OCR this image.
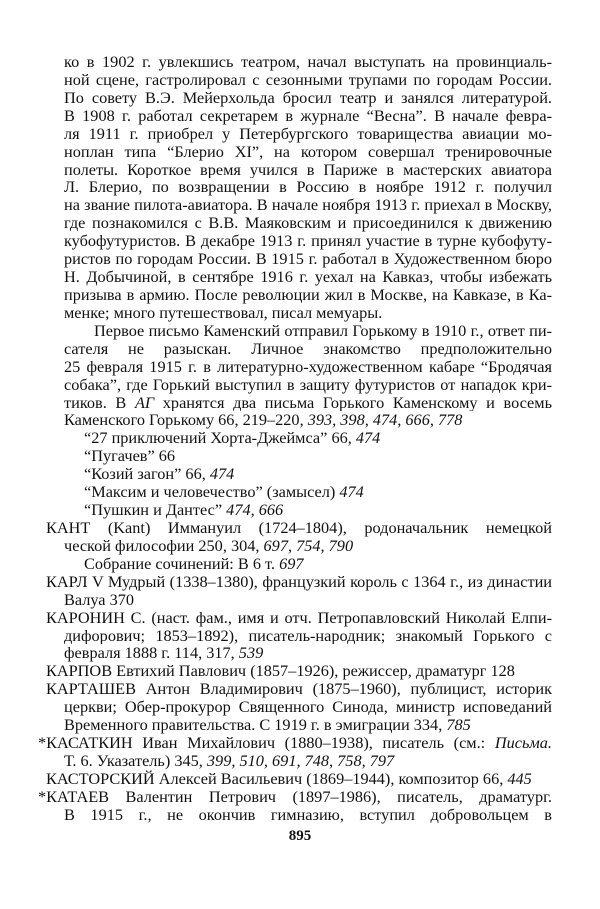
ко в 1902 г. увлекшись театром, начал выступать на провинциаль-
ной сцене, гастролировал с сезонными трупами по городам России.
По совету В.Э. Мейерхольда бросил театр и занялся литературой.
В 1908 г. работал секретарем в журнале “Весна”. В начале февра-
ля 1911 г. приобрел у Петербургского товарищества авиации мо-
ноплан типа “Блерио XI”, на котором совершал тренировочные
полеты. Короткое время учился в Париже в мастерских авиатора
Л. Блерио, по возвращении в Россию в ноябре 1912 г. получил
на звание пилота-авиатора. В начале ноября 1913 г. приехал в Москву,
где познакомился с В.В. Маяковским и присоединился к движению
кубофутуристов. В декабре 1913 г. принял участие в турне кубофуту-
ристов по городам России. В 1915 г. работал в Художественном бюро
Н. Добычиной, в сентябре 1916 г. уехал на Кавказ, чтобы избежать
призыва в армию. После революции жил в Москве, на Кавказе, в Ка-
менке; много путешествовал, писал мемуары.
Первое письмо Каменский отправил Горькому в 1910 г., ответ пи-
сателя не разыскан. Личное знакомство предположительно
25 февраля 1915 г. в литературно-художественном кабаре “Бродячая
собака”, где Горький выступил в защиту футуристов от нападок кри-
тиков. В АГ хранятся два письма Горького Каменскому и восемь
Каменского Горькому 66, 219–220, 393, 398, 474, 666, 778
“27 приключений Хорта-Джеймса” 66, 474
“Пугачев” 66
“Козий загон” 66, 474
“Максим и человечество” (замысел) 474
“Пушкин и Дантес” 474, 666
КАНТ (Kant) Иммануил (1724–1804), родоначальник немецкой
ческой философии 250, 304, 697, 754, 790
Собрание сочинений: В 6 т. 697
КАРЛ V Мудрый (1338–1380), французкий король с 1364 г., из династии
Валуа 370
КАРОНИН С. (наст. фам., имя и отч. Петропавловский Николай Елпи-
дифорович; 1853–1892), писатель-народник; знакомый Горького с
февраля 1888 г. 114, 317, 539
КАРПОВ Евтихий Павлович (1857–1926), режиссер, драматург 128
КАРТАШЕВ Антон Владимирович (1875–1960), публицист, историк
церкви; Обер-прокурор Священного Синода, министр исповеданий
Временного правительства. С 1919 г. в эмиграции 334, 785
*КАСАТКИН Иван Михайлович (1880–1938), писатель (см.: Письма.
Т. 6. Указатель) 345, 399, 510, 691, 748, 758, 797
КАСТОРСКИЙ Алексей Васильевич (1869–1944), композитор 66, 445
*КАТАЕВ Валентин Петрович (1897–1986), писатель, драматург.
В 1915 г., не окончив гимназию, вступил добровольцем в
895
